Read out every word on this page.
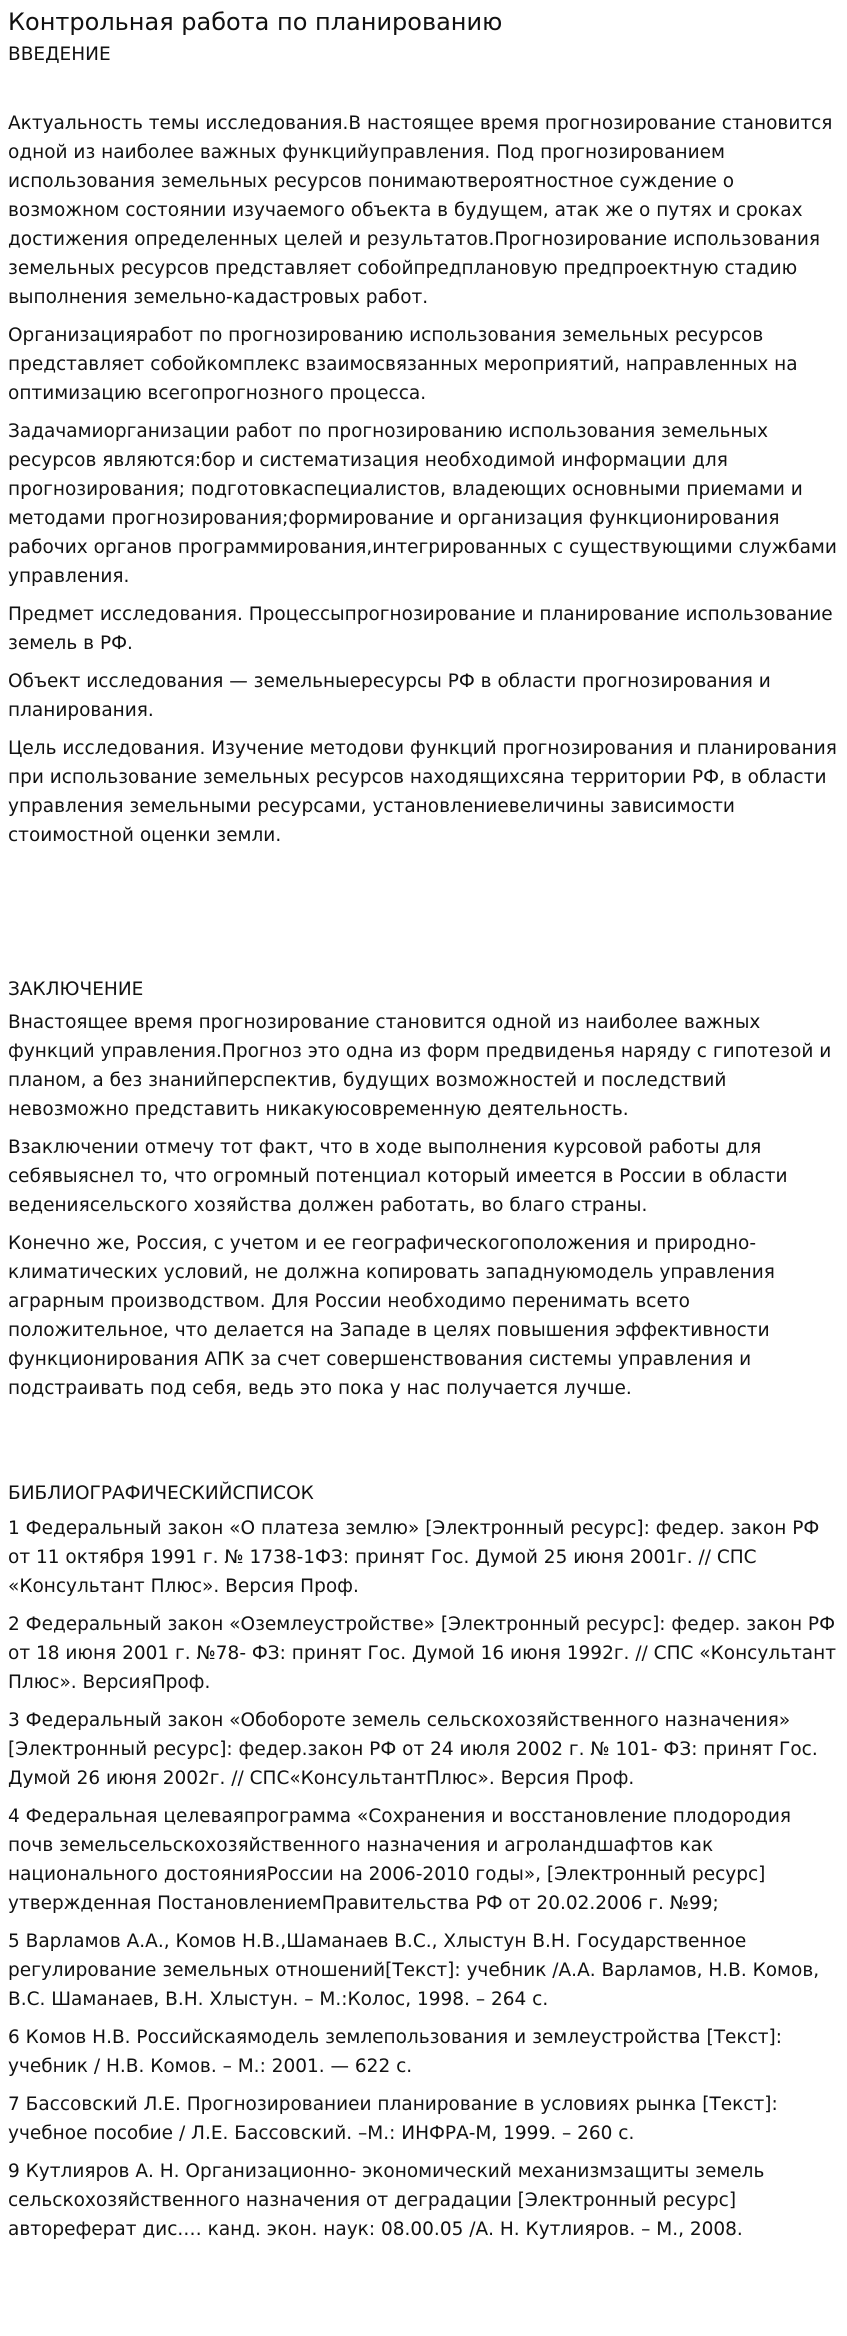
Контрольная работа по планированию
ВВЕДЕНИЕ

Актуальность темы исследования.В настоящее время прогнозирование становится одной из наиболее важных функцийуправления. Под прогнозированием использования земельных ресурсов понимаютвероятностное суждение о возможном состоянии изучаемого объекта в будущем, атак же о путях и сроках достижения определенных целей и результатов.Прогнозирование использования земельных ресурсов представляет собойпредплановую предпроектную стадию выполнения земельно-кадастровых работ.

Организацияработ по прогнозированию использования земельных ресурсов представляет собойкомплекс взаимосвязанных мероприятий, направленных на оптимизацию всегопрогнозного процесса.

Задачамиорганизации работ по прогнозированию использования земельных ресурсов являются:бор и систематизация необходимой информации для прогнозирования; подготовкаспециалистов, владеющих основными приемами и методами прогнозирования;формирование и организация функционирования рабочих органов программирования,интегрированных с существующими службами управления.

Предмет исследования. Процессыпрогнозирование и планирование использование земель в РФ.

Объект исследования — земельныересурсы РФ в области прогнозирования и планирования.

Цель исследования. Изучение методови функций прогнозирования и планирования при использование земельных ресурсов находящихсяна территории РФ, в области управления земельными ресурсами, установлениевеличины зависимости стоимостной оценки земли.

ЗАКЛЮЧЕНИЕ

Внастоящее время прогнозирование становится одной из наиболее важных функций управления.Прогноз это одна из форм предвиденья наряду с гипотезой и планом, а без знанийперспектив, будущих возможностей и последствий невозможно представить никакуюсовременную деятельность.

Взаключении отмечу тот факт, что в ходе выполнения курсовой работы для себявыяснел то, что огромный потенциал который имеется в России в области ведениясельского хозяйства должен работать, во благо страны.

Конечно же, Россия, с учетом и ее географическогоположения и природно-климатических условий, не должна копировать западнуюмодель управления аграрным производством. Для России необходимо перенимать всето положительное, что делается на Западе в целях повышения эффективности функционирования АПК за счет совершенствования системы управления и подстраивать под себя, ведь это пока у нас получается лучше.

БИБЛИОГРАФИЧЕСКИЙСПИСОК

1 Федеральный закон «О платеза землю» [Электронный ресурс]: федер. закон РФ от 11 октября 1991 г. № 1738-1ФЗ: принят Гос. Думой 25 июня 2001г. // СПС «Консультант Плюс». Версия Проф.

2 Федеральный закон «Оземлеустройстве» [Электронный ресурс]: федер. закон РФ от 18 июня 2001 г. №78- ФЗ: принят Гос. Думой 16 июня 1992г. // СПС «Консультант Плюс». ВерсияПроф.

3 Федеральный закон «Обобороте земель сельскохозяйственного назначения» [Электронный ресурс]: федер.закон РФ от 24 июля 2002 г. № 101- ФЗ: принят Гос. Думой 26 июня 2002г. // СПС«КонсультантПлюс». Версия Проф.

4 Федеральная целеваяпрограмма «Сохранения и восстановление плодородия почв земельсельскохозяйственного назначения и агроландшафтов как национального достоянияРоссии на 2006-2010 годы», [Электронный ресурс] утвержденная ПостановлениемПравительства РФ от 20.02.2006 г. №99;

5 Варламов А.А., Комов Н.В.,Шаманаев В.С., Хлыстун В.Н. Государственное регулирование земельных отношений[Текст]: учебник /А.А. Варламов, Н.В. Комов, В.С. Шаманаев, В.Н. Хлыстун. – М.:Колос, 1998. – 264 с.

6 Комов Н.В. Российскаямодель землепользования и землеустройства [Текст]: учебник / Н.В. Комов. – М.: 2001. — 622 с.

7 Бассовский Л.Е. Прогнозированиеи планирование в условиях рынка [Текст]: учебное пособие / Л.Е. Бассовский. –М.: ИНФРА-М, 1999. – 260 с.

9 Кутлияров А. Н. Организационно- экономический механизмзащиты земель сельскохозяйственного назначения от деградации [Электронный ресурс] автореферат дис.… канд. экон. наук: 08.00.05 /А. Н. Кутлияров. – М., 2008.
